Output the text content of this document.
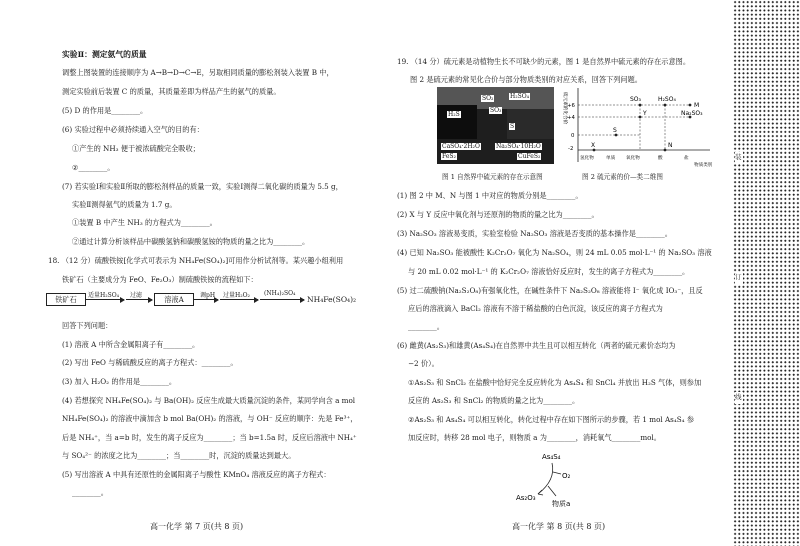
实验Ⅱ：测定氨气的质量
调整上图装置的连接顺序为 A→B→D→C→E，另取相同质量的膨松剂装入装置 B 中，
测定实验前后装置 C 的质量，其质量差即为样品产生的氨气的质量。
(5) D 的作用是________。
(6) 实验过程中必须持续通入空气的目的有：
①产生的 NH₃ 便于被浓硫酸完全吸收；
②________。
(7) 若实验Ⅰ和实验Ⅱ所取的膨松剂样品的质量一致，实验Ⅰ测得二氧化碳的质量为 5.5 g，
实验Ⅱ测得氨气的质量为 1.7 g。
①装置 B 中产生 NH₃ 的方程式为________。
②通过计算分析该样品中碳酸氢钠和碳酸氢铵的物质的量之比为________。
18. （12 分）硫酸铁铵[化学式可表示为 NH₄Fe(SO₄)₂]可用作分析试剂等。某兴趣小组利用
铁矿石（主要成分为 FeO、Fe₂O₃）制硫酸铁铵的流程如下：
铁矿石	适量H₂SO₄ 过滤	溶液A	调pH 过量H₂O₂ (NH₄)₂SO₄
NH₄Fe(SO₄)₂
回答下列问题：
(1) 溶液 A 中所含金属阳离子有________。
(2) 写出 FeO 与稀硫酸反应的离子方程式：________。
(3) 加入 H₂O₂ 的作用是________。
(4) 若想探究 NH₄Fe(SO₄)₂ 与 Ba(OH)₂ 反应生成最大质量沉淀的条件，某同学向含 a mol
NH₄Fe(SO₄)₂ 的溶液中滴加含 b mol Ba(OH)₂ 的溶液，与 OH⁻ 反应的顺序：先是 Fe³⁺，
后是 NH₄⁺，当 a=b 时，发生的离子反应为________；当 b=1.5a 时，反应后溶液中 NH₄⁺
与 SO₄²⁻ 的浓度之比为________；当________时，沉淀的质量达到最大。
(5) 写出溶液 A 中具有还原性的金属阳离子与酸性 KMnO₄ 溶液反应的离子方程式：
________。
高一化学 第 7 页(共 8 页)
19. （14 分）硫元素是动植物生长不可缺少的元素，图 1 是自然界中硫元素的存在示意图。
图 2 是硫元素的常见化合价与部分物质类别的对应关系，回答下列问题。
SO₂	H₂SO₄
SO₃
H₂S
S
CaSO₄·2H₂O
FeS₂
Na₂SO₄·10H₂O
CuFeS₂
图 1 自然界中硫元素的存在示意图
硫元素的化合价 +6
+4
0
-2
SO₃	H₂SO₄
M
Y	Na₂SO₃
S
X	N
氢化物	单质 氧化物	酸	盐
物质类别
图 2 硫元素的价—类二维图
(1) 图 2 中 M、N 与图 1 中对应的物质分别是________。
(2) X 与 Y 反应中氧化剂与还原剂的物质的量之比为________。
(3) Na₂SO₃ 溶液易变质，实验室检验 Na₂SO₃ 溶液是否变质的基本操作是________。
(4) 已知 Na₂SO₃ 能被酸性 K₂Cr₂O₇ 氧化为 Na₂SO₄，则 24 mL 0.05 mol·L⁻¹ 的 Na₂SO₃ 溶液
与 20 mL 0.02 mol·L⁻¹ 的 K₂Cr₂O₇ 溶液恰好反应时，发生的离子方程式为________。
(5) 过二硫酸钠(Na₂S₂O₈)有强氧化性，在碱性条件下 Na₂S₂O₈ 溶液能将 I⁻ 氧化成 IO₃⁻，且反
应后的溶液滴入 BaCl₂ 溶液有不溶于稀盐酸的白色沉淀，该反应的离子方程式为
________。
(6) 雌黄(As₂S₃)和雄黄(As₄S₄)在自然界中共生且可以相互转化（两者的硫元素价态均为
−2 价）。
①As₂S₃ 和 SnCl₂ 在盐酸中恰好完全反应转化为 As₄S₄ 和 SnCl₄ 并放出 H₂S 气体，则参加
反应的 As₂S₃ 和 SnCl₂ 的物质的量之比为________。
②As₂S₃ 和 As₄S₄ 可以相互转化，转化过程中存在如下图所示的步骤，若 1 mol As₄S₄ 参
加反应时，转移 28 mol 电子，则物质 a 为________，消耗氧气________mol。
As₄S₄
O₂
As₂O₃
物质a
高一化学 第 8 页(共 8 页)
装
订
线
